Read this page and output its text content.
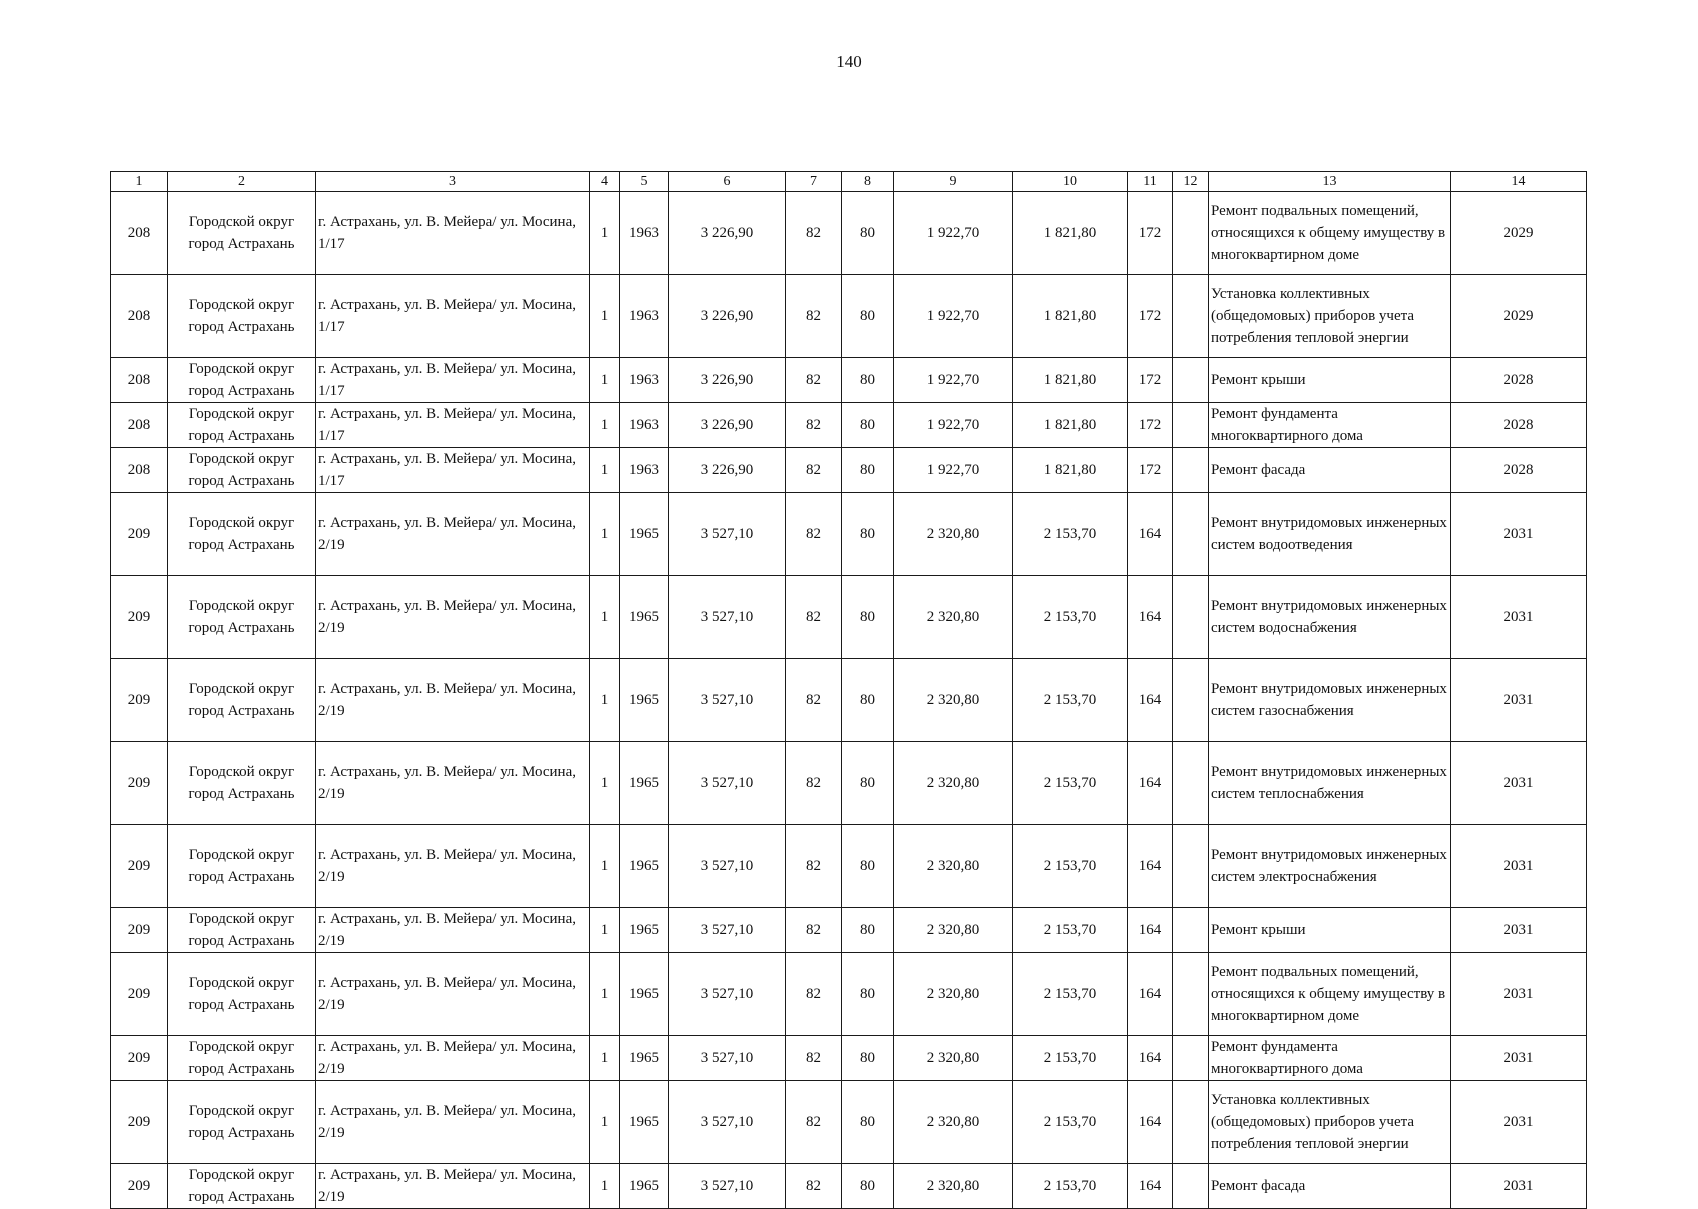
140
1	2	3	4	5	6	7	8	9	10	11	12	13	14
208	Городской округ город Астрахань	г. Астрахань, ул. В. Мейера/ ул. Мосина, 1/17	1	1963	3 226,90	82	80	1 922,70	1 821,80	172		Ремонт подвальных помещений, относящихся к общему имуществу в многоквартирном доме	2029
208	Городской округ город Астрахань	г. Астрахань, ул. В. Мейера/ ул. Мосина, 1/17	1	1963	3 226,90	82	80	1 922,70	1 821,80	172		Установка коллективных (общедомовых) приборов учета потребления тепловой энергии	2029
208	Городской округ город Астрахань	г. Астрахань, ул. В. Мейера/ ул. Мосина, 1/17	1	1963	3 226,90	82	80	1 922,70	1 821,80	172		Ремонт крыши	2028
208	Городской округ город Астрахань	г. Астрахань, ул. В. Мейера/ ул. Мосина, 1/17	1	1963	3 226,90	82	80	1 922,70	1 821,80	172		Ремонт фундамента многоквартирного дома	2028
208	Городской округ город Астрахань	г. Астрахань, ул. В. Мейера/ ул. Мосина, 1/17	1	1963	3 226,90	82	80	1 922,70	1 821,80	172		Ремонт фасада	2028
209	Городской округ город Астрахань	г. Астрахань, ул. В. Мейера/ ул. Мосина, 2/19	1	1965	3 527,10	82	80	2 320,80	2 153,70	164		Ремонт внутридомовых инженерных систем водоотведения	2031
209	Городской округ город Астрахань	г. Астрахань, ул. В. Мейера/ ул. Мосина, 2/19	1	1965	3 527,10	82	80	2 320,80	2 153,70	164		Ремонт внутридомовых инженерных систем водоснабжения	2031
209	Городской округ город Астрахань	г. Астрахань, ул. В. Мейера/ ул. Мосина, 2/19	1	1965	3 527,10	82	80	2 320,80	2 153,70	164		Ремонт внутридомовых инженерных систем газоснабжения	2031
209	Городской округ город Астрахань	г. Астрахань, ул. В. Мейера/ ул. Мосина, 2/19	1	1965	3 527,10	82	80	2 320,80	2 153,70	164		Ремонт внутридомовых инженерных систем теплоснабжения	2031
209	Городской округ город Астрахань	г. Астрахань, ул. В. Мейера/ ул. Мосина, 2/19	1	1965	3 527,10	82	80	2 320,80	2 153,70	164		Ремонт внутридомовых инженерных систем электроснабжения	2031
209	Городской округ город Астрахань	г. Астрахань, ул. В. Мейера/ ул. Мосина, 2/19	1	1965	3 527,10	82	80	2 320,80	2 153,70	164		Ремонт крыши	2031
209	Городской округ город Астрахань	г. Астрахань, ул. В. Мейера/ ул. Мосина, 2/19	1	1965	3 527,10	82	80	2 320,80	2 153,70	164		Ремонт подвальных помещений, относящихся к общему имуществу в многоквартирном доме	2031
209	Городской округ город Астрахань	г. Астрахань, ул. В. Мейера/ ул. Мосина, 2/19	1	1965	3 527,10	82	80	2 320,80	2 153,70	164		Ремонт фундамента многоквартирного дома	2031
209	Городской округ город Астрахань	г. Астрахань, ул. В. Мейера/ ул. Мосина, 2/19	1	1965	3 527,10	82	80	2 320,80	2 153,70	164		Установка коллективных (общедомовых) приборов учета потребления тепловой энергии	2031
209	Городской округ город Астрахань	г. Астрахань, ул. В. Мейера/ ул. Мосина, 2/19	1	1965	3 527,10	82	80	2 320,80	2 153,70	164		Ремонт фасада	2031
